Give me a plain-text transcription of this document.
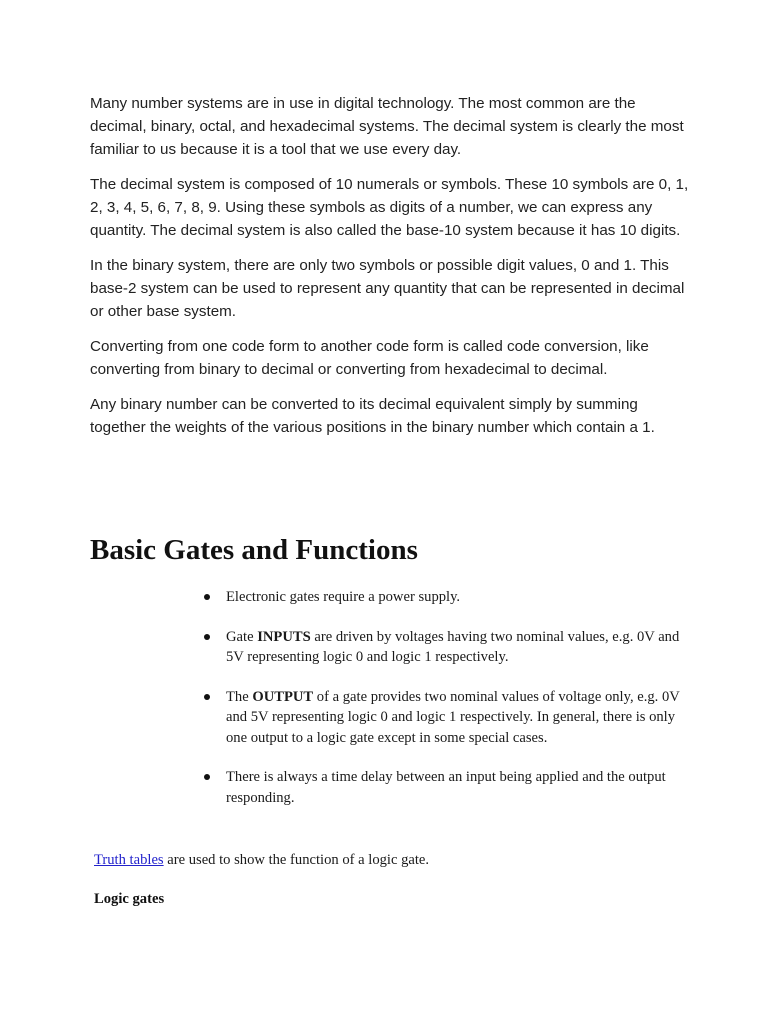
Many number systems are in use in digital technology. The most common are the decimal, binary, octal, and hexadecimal systems. The decimal system is clearly the most familiar to us because it is a tool that we use every day.

The decimal system is composed of 10 numerals or symbols. These 10 symbols are 0, 1, 2, 3, 4, 5, 6, 7, 8, 9. Using these symbols as digits of a number, we can express any quantity. The decimal system is also called the base-10 system because it has 10 digits.

In the binary system, there are only two symbols or possible digit values, 0 and 1. This base-2 system can be used to represent any quantity that can be represented in decimal or other base system.

Converting from one code form to another code form is called code conversion, like converting from binary to decimal or converting from hexadecimal to decimal.

Any binary number can be converted to its decimal equivalent simply by summing together the weights of the various positions in the binary number which contain a 1.

Basic Gates and Functions
Electronic gates require a power supply.
Gate INPUTS are driven by voltages having two nominal values, e.g. 0V and 5V representing logic 0 and logic 1 respectively.
The OUTPUT of a gate provides two nominal values of voltage only, e.g. 0V and 5V representing logic 0 and logic 1 respectively. In general, there is only one output to a logic gate except in some special cases.
There is always a time delay between an input being applied and the output responding.

Truth tables are used to show the function of a logic gate.

Logic gates
